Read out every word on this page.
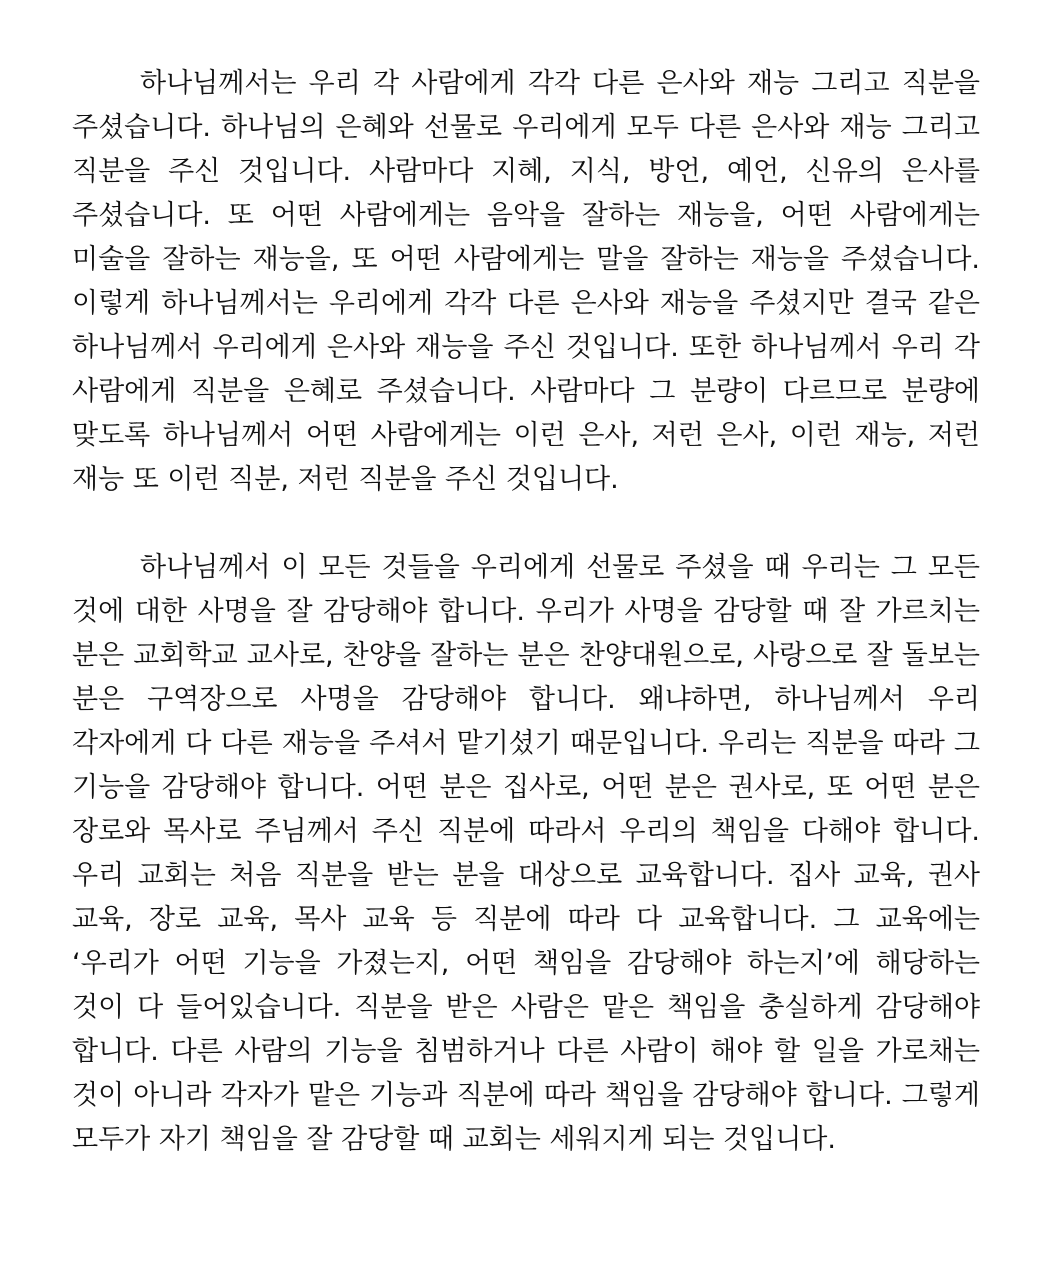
하나님께서는 우리 각 사람에게 각각 다른 은사와 재능 그리고 직분을 주셨습니다. 하나님의 은혜와 선물로 우리에게 모두 다른 은사와 재능 그리고 직분을 주신 것입니다. 사람마다 지혜, 지식, 방언, 예언, 신유의 은사를 주셨습니다. 또 어떤 사람에게는 음악을 잘하는 재능을, 어떤 사람에게는 미술을 잘하는 재능을, 또 어떤 사람에게는 말을 잘하는 재능을 주셨습니다. 이렇게 하나님께서는 우리에게 각각 다른 은사와 재능을 주셨지만 결국 같은 하나님께서 우리에게 은사와 재능을 주신 것입니다. 또한 하나님께서 우리 각 사람에게 직분을 은혜로 주셨습니다. 사람마다 그 분량이 다르므로 분량에 맞도록 하나님께서 어떤 사람에게는 이런 은사, 저런 은사, 이런 재능, 저런 재능 또 이런 직분, 저런 직분을 주신 것입니다.

하나님께서 이 모든 것들을 우리에게 선물로 주셨을 때 우리는 그 모든 것에 대한 사명을 잘 감당해야 합니다. 우리가 사명을 감당할 때 잘 가르치는 분은 교회학교 교사로, 찬양을 잘하는 분은 찬양대원으로, 사랑으로 잘 돌보는 분은 구역장으로 사명을 감당해야 합니다. 왜냐하면, 하나님께서 우리 각자에게 다 다른 재능을 주셔서 맡기셨기 때문입니다. 우리는 직분을 따라 그 기능을 감당해야 합니다. 어떤 분은 집사로, 어떤 분은 권사로, 또 어떤 분은 장로와 목사로 주님께서 주신 직분에 따라서 우리의 책임을 다해야 합니다. 우리 교회는 처음 직분을 받는 분을 대상으로 교육합니다. 집사 교육, 권사 교육, 장로 교육, 목사 교육 등 직분에 따라 다 교육합니다. 그 교육에는 ‘우리가 어떤 기능을 가졌는지, 어떤 책임을 감당해야 하는지’에 해당하는 것이 다 들어있습니다. 직분을 받은 사람은 맡은 책임을 충실하게 감당해야 합니다. 다른 사람의 기능을 침범하거나 다른 사람이 해야 할 일을 가로채는 것이 아니라 각자가 맡은 기능과 직분에 따라 책임을 감당해야 합니다. 그렇게 모두가 자기 책임을 잘 감당할 때 교회는 세워지게 되는 것입니다.
